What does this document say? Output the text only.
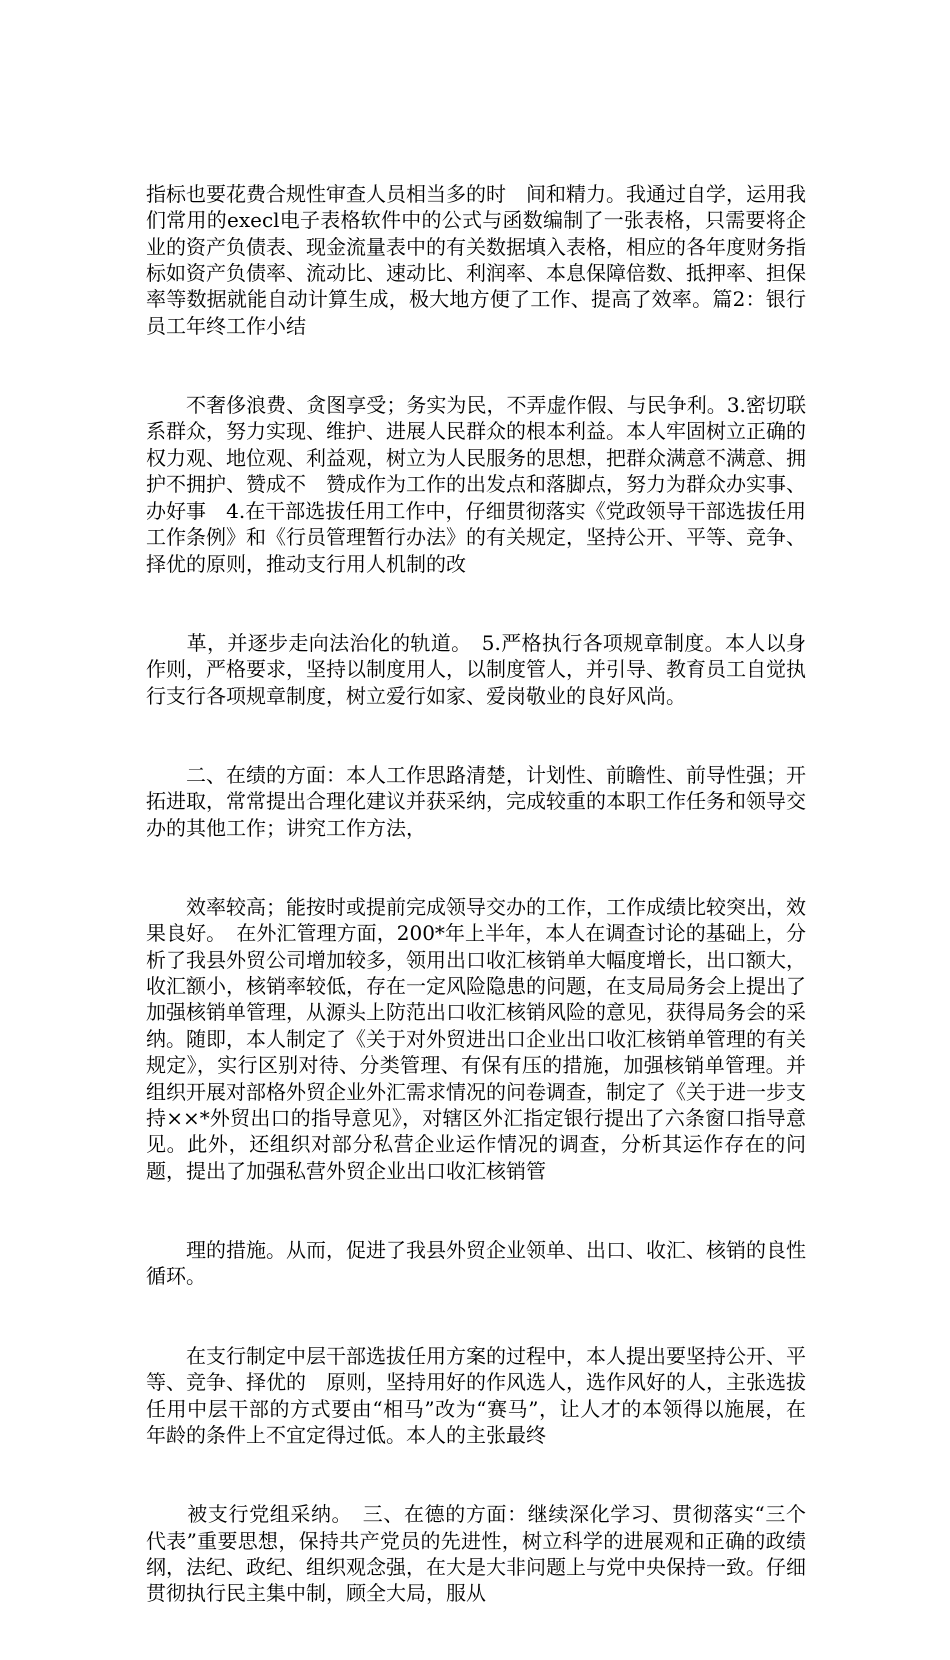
指标也要花费合规性审查人员相当多的时　间和精力。我通过自学，运用我们常用的execl电子表格软件中的公式与函数编制了一张表格，只需要将企业的资产负债表、现金流量表中的有关数据填入表格，相应的各年度财务指标如资产负债率、流动比、速动比、利润率、本息保障倍数、抵押率、担保率等数据就能自动计算生成，极大地方便了工作、提高了效率。篇2：银行员工年终工作小结

　　不奢侈浪费、贪图享受；务实为民，不弄虚作假、与民争利。3.密切联系群众，努力实现、维护、进展人民群众的根本利益。本人牢固树立正确的权力观、地位观、利益观，树立为人民服务的思想，把群众满意不满意、拥护不拥护、赞成不　赞成作为工作的出发点和落脚点，努力为群众办实事、办好事　4.在干部选拔任用工作中，仔细贯彻落实《党政领导干部选拔任用工作条例》和《行员管理暂行办法》的有关规定，坚持公开、平等、竞争、择优的原则，推动支行用人机制的改

　　革，并逐步走向法治化的轨道。　5.严格执行各项规章制度。本人以身作则，严格要求，坚持以制度用人，以制度管人，并引导、教育员工自觉执行支行各项规章制度，树立爱行如家、爱岗敬业的良好风尚。

　　二、在绩的方面：本人工作思路清楚，计划性、前瞻性、前导性强；开拓进取，常常提出合理化建议并获采纳，完成较重的本职工作任务和领导交办的其他工作；讲究工作方法，

　　效率较高；能按时或提前完成领导交办的工作，工作成绩比较突出，效果良好。　在外汇管理方面，200*年上半年，本人在调查讨论的基础上，分析了我县外贸公司增加较多，领用出口收汇核销单大幅度增长，出口额大，收汇额小，核销率较低，存在一定风险隐患的问题，在支局局务会上提出了加强核销单管理，从源头上防范出口收汇核销风险的意见，获得局务会的采纳。随即，本人制定了《关于对外贸进出口企业出口收汇核销单管理的有关规定》，实行区别对待、分类管理、有保有压的措施，加强核销单管理。并组织开展对部格外贸企业外汇需求情况的问卷调查，制定了《关于进一步支持××*外贸出口的指导意见》，对辖区外汇指定银行提出了六条窗口指导意见。此外，还组织对部分私营企业运作情况的调查，分析其运作存在的问题，提出了加强私营外贸企业出口收汇核销管

　　理的措施。从而，促进了我县外贸企业领单、出口、收汇、核销的良性循环。

　　在支行制定中层干部选拔任用方案的过程中，本人提出要坚持公开、平等、竞争、择优的　原则，坚持用好的作风选人，选作风好的人，主张选拔任用中层干部的方式要由“相马”改为“赛马”，让人才的本领得以施展，在年龄的条件上不宜定得过低。本人的主张最终

　　被支行党组采纳。　三、在德的方面：继续深化学习、贯彻落实“三个代表”重要思想，保持共产党员的先进性，树立科学的进展观和正确的政绩纲，法纪、政纪、组织观念强，在大是大非问题上与党中央保持一致。仔细贯彻执行民主集中制，顾全大局，服从
